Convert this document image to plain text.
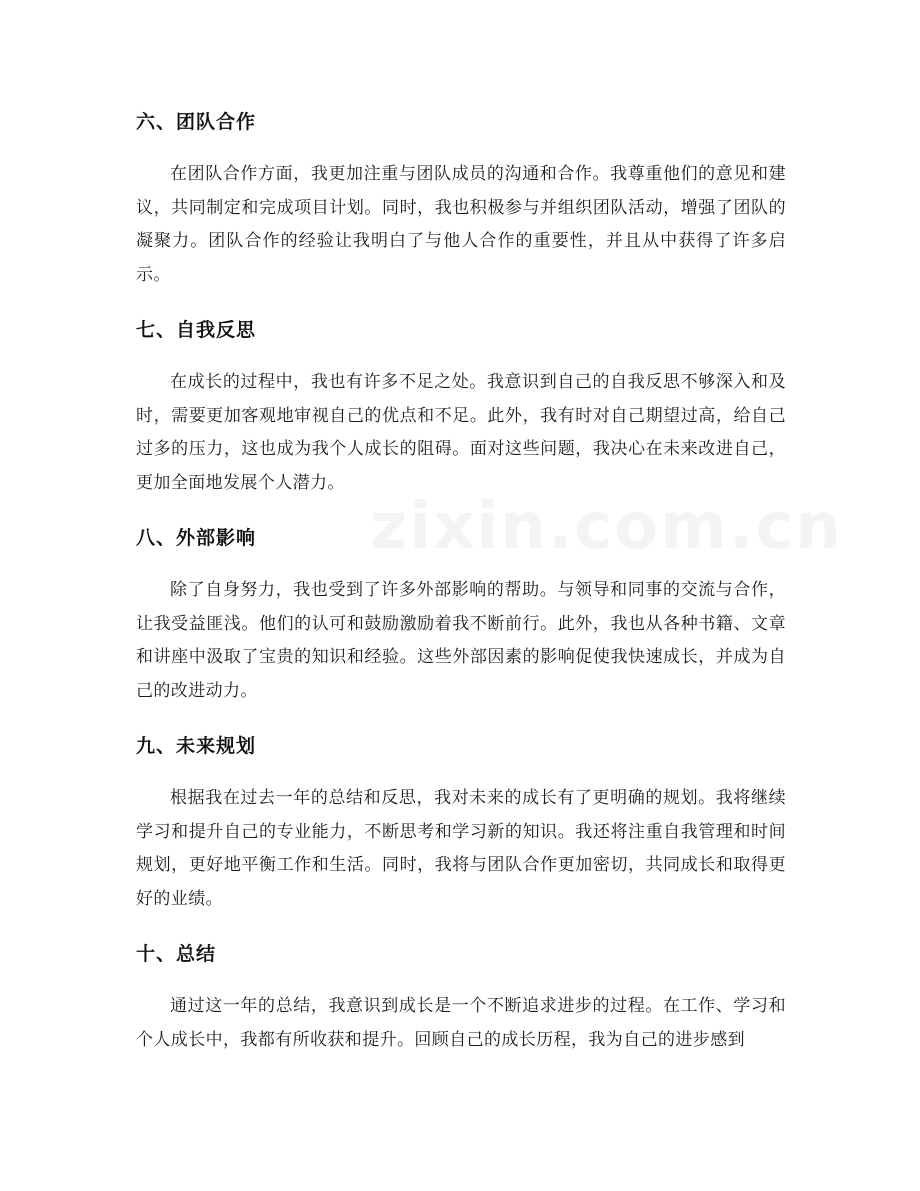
六、团队合作

在团队合作方面，我更加注重与团队成员的沟通和合作。我尊重他们的意见和建议，共同制定和完成项目计划。同时，我也积极参与并组织团队活动，增强了团队的凝聚力。团队合作的经验让我明白了与他人合作的重要性，并且从中获得了许多启示。

七、自我反思

在成长的过程中，我也有许多不足之处。我意识到自己的自我反思不够深入和及时，需要更加客观地审视自己的优点和不足。此外，我有时对自己期望过高，给自己过多的压力，这也成为我个人成长的阻碍。面对这些问题，我决心在未来改进自己，更加全面地发展个人潜力。

八、外部影响

除了自身努力，我也受到了许多外部影响的帮助。与领导和同事的交流与合作，让我受益匪浅。他们的认可和鼓励激励着我不断前行。此外，我也从各种书籍、文章和讲座中汲取了宝贵的知识和经验。这些外部因素的影响促使我快速成长，并成为自己的改进动力。

九、未来规划

根据我在过去一年的总结和反思，我对未来的成长有了更明确的规划。我将继续学习和提升自己的专业能力，不断思考和学习新的知识。我还将注重自我管理和时间规划，更好地平衡工作和生活。同时，我将与团队合作更加密切，共同成长和取得更好的业绩。

十、总结

通过这一年的总结，我意识到成长是一个不断追求进步的过程。在工作、学习和个人成长中，我都有所收获和提升。回顾自己的成长历程，我为自己的进步感到
